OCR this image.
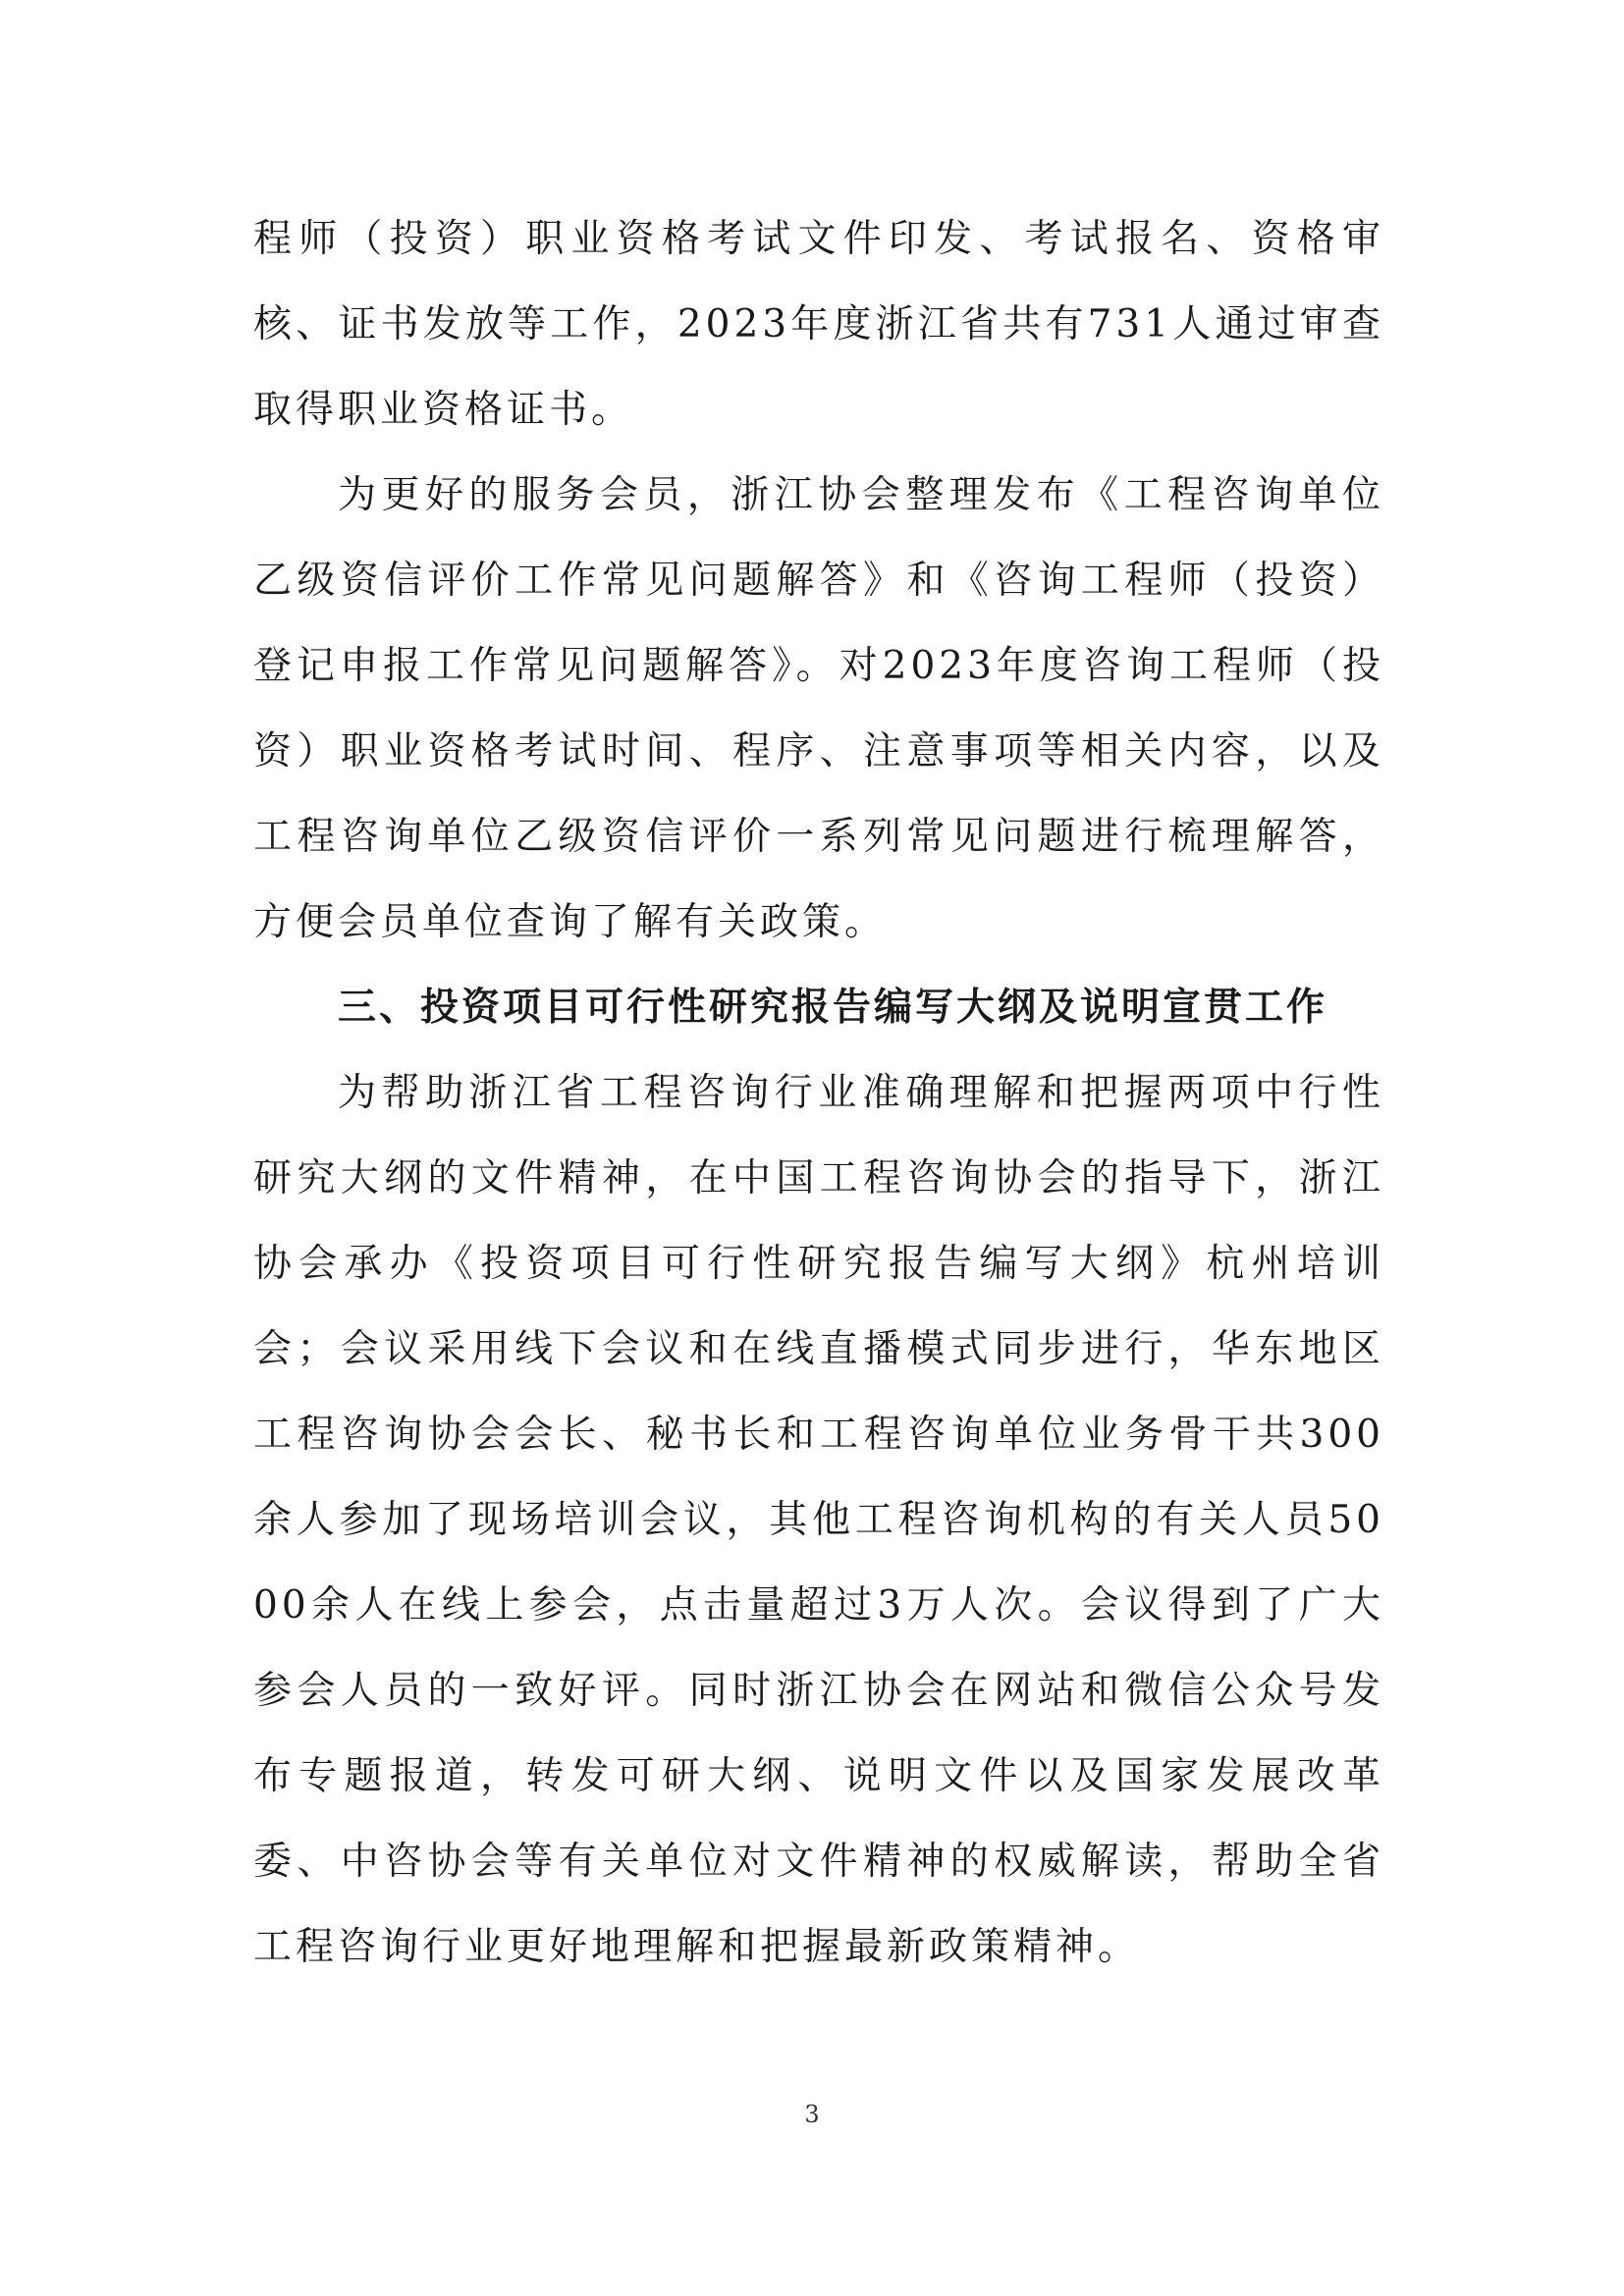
程师（投资）职业资格考试文件印发、考试报名、资格审核、证书发放等工作，2023年度浙江省共有731人通过审查取得职业资格证书。

为更好的服务会员，浙江协会整理发布《工程咨询单位乙级资信评价工作常见问题解答》和《咨询工程师（投资）登记申报工作常见问题解答》。对2023年度咨询工程师（投资）职业资格考试时间、程序、注意事项等相关内容，以及工程咨询单位乙级资信评价一系列常见问题进行梳理解答，方便会员单位查询了解有关政策。

三、投资项目可行性研究报告编写大纲及说明宣贯工作

为帮助浙江省工程咨询行业准确理解和把握两项中行性研究大纲的文件精神，在中国工程咨询协会的指导下，浙江协会承办《投资项目可行性研究报告编写大纲》杭州培训会；会议采用线下会议和在线直播模式同步进行，华东地区工程咨询协会会长、秘书长和工程咨询单位业务骨干共300余人参加了现场培训会议，其他工程咨询机构的有关人员5000余人在线上参会，点击量超过3万人次。会议得到了广大参会人员的一致好评。同时浙江协会在网站和微信公众号发布专题报道，转发可研大纲、说明文件以及国家发展改革委、中咨协会等有关单位对文件精神的权威解读，帮助全省工程咨询行业更好地理解和把握最新政策精神。

3
